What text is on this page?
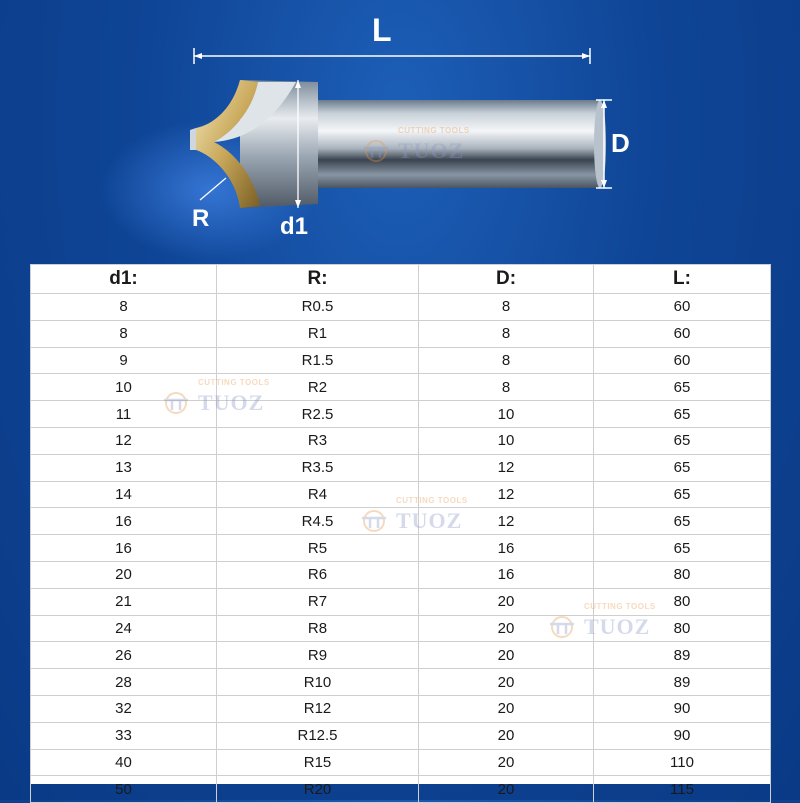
L
D
R	d1
CUTTING TOOLS
TUOZ
d1:	R:	D:	L:
8	R0.5	8	60
8	R1	8	60
9	R1.5	8	60
10	R2	8	65
11	R2.5	10	65
12	R3	10	65
13	R3.5	12	65
14	R4	12	65
16	R4.5	12	65
16	R5	16	65
20	R6	16	80
21	R7	20	80
24	R8	20	80
26	R9	20	89
28	R10	20	89
32	R12	20	90
33	R12.5	20	90
40	R15	20	110
50	R20	20	115
CUTTING TOOLS
TUOZ
CUTTING TOOLS
TUOZ
CUTTING TOOLS
TUOZ
